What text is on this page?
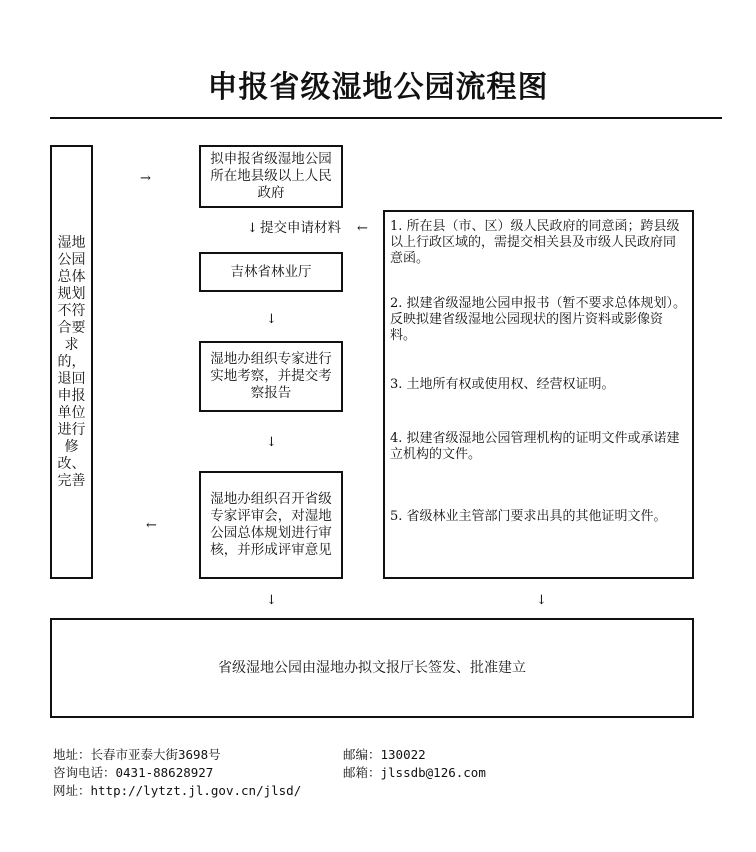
申报省级湿地公园流程图
湿地公园总体规划不符合要求的，退回申报单位进行修改、完善
→
拟申报省级湿地公园所在地县级以上人民政府
↓ 提交申请材料 ←
吉林省林业厅
↓
湿地办组织专家进行实地考察，并提交考察报告
↓
湿地办组织召开省级专家评审会，对湿地公园总体规划进行审核，并形成评审意见
←
1. 所在县（市、区）级人民政府的同意函；跨县级以上行政区域的，需提交相关县及市级人民政府同意函。
2. 拟建省级湿地公园申报书（暂不要求总体规划）。反映拟建省级湿地公园现状的图片资料或影像资料。
3. 土地所有权或使用权、经营权证明。
4. 拟建省级湿地公园管理机构的证明文件或承诺建立机构的文件。
5. 省级林业主管部门要求出具的其他证明文件。
↓	↓
省级湿地公园由湿地办拟文报厅长签发、批准建立
地址：长春市亚泰大街3698号
咨询电话：0431-88628927
网址：http://lytzt.jl.gov.cn/jlsd/
邮编：130022
邮箱：jlssdb@126.com
